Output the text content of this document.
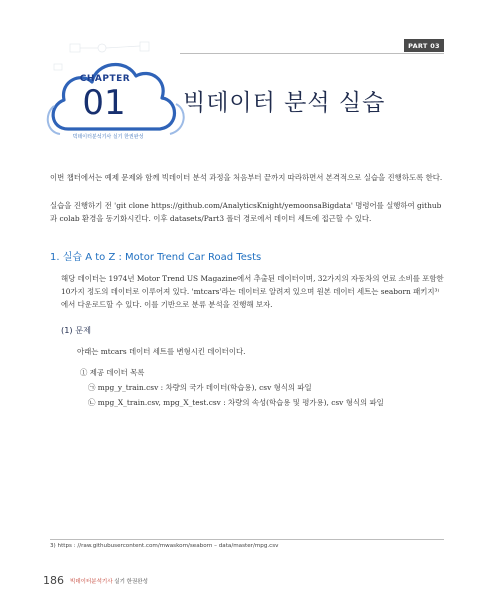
PART 03
CHAPTER
01
빅데이터분석기사 실기 한권완성
빅데이터 분석 실습
이번 챕터에서는 예제 문제와 함께 빅데이터 분석 과정을 처음부터 끝까지 따라하면서 본격적으로 실습을 진행하도록 한다.
실습을 진행하기 전 'git clone https://github.com/AnalyticsKnight/yemoonsaBigdata' 명령어를 실행하여 github과 colab 환경을 동기화시킨다. 이후 datasets/Part3 폴더 경로에서 데이터 세트에 접근할 수 있다.
1. 실습 A to Z : Motor Trend Car Road Tests
해당 데이터는 1974년 Motor Trend US Magazine에서 추출된 데이터이며, 32가지의 자동차의 연료 소비를 포함한 10가지 정도의 데이터로 이루어져 있다. 'mtcars'라는 데이터로 알려져 있으며 원본 데이터 세트는 seaborn 패키지³⁾에서 다운로드할 수 있다. 이를 기반으로 분류 분석을 진행해 보자.
(1) 문제
아래는 mtcars 데이터 세트를 변형시킨 데이터이다.
① 제공 데이터 목록
㉠ mpg_y_train.csv : 차량의 국가 데이터(학습용), csv 형식의 파일
㉡ mpg_X_train.csv, mpg_X_test.csv : 차량의 속성(학습용 및 평가용), csv 형식의 파일
3) https : //raw.githubusercontent.com/mwaskom/seaborn – data/master/mpg.csv
186 빅데이터분석기사 실기 한권완성
